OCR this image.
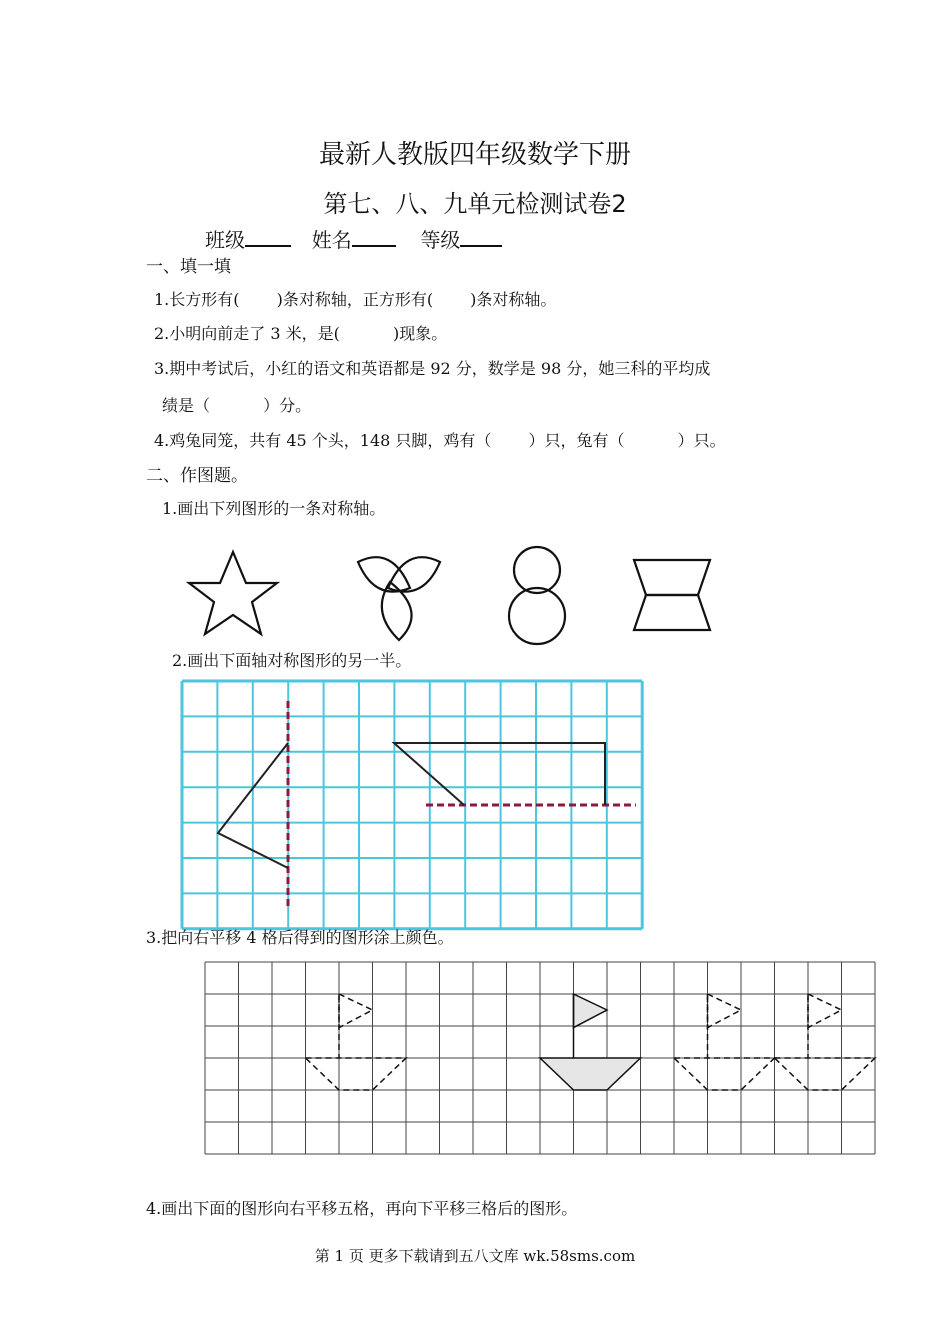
最新人教版四年级数学下册
第七、八、九单元检测试卷2
班级	姓名	等级
一、填一填
1.长方形有(　　 )条对称轴，正方形有(　　 )条对称轴。
2.小明向前走了 3 米，是(　　　 )现象。
3.期中考试后，小红的语文和英语都是 92 分，数学是 98 分，她三科的平均成
绩是（　　　 ）分。
4.鸡兔同笼，共有 45 个头，148 只脚，鸡有（　　 ）只，兔有（　　　 ）只。
二、作图题。
1.画出下列图形的一条对称轴。
2.画出下面轴对称图形的另一半。
3.把向右平移 4 格后得到的图形涂上颜色。
4.画出下面的图形向右平移五格，再向下平移三格后的图形。
第 1 页 更多下载请到五八文库 wk.58sms.com
